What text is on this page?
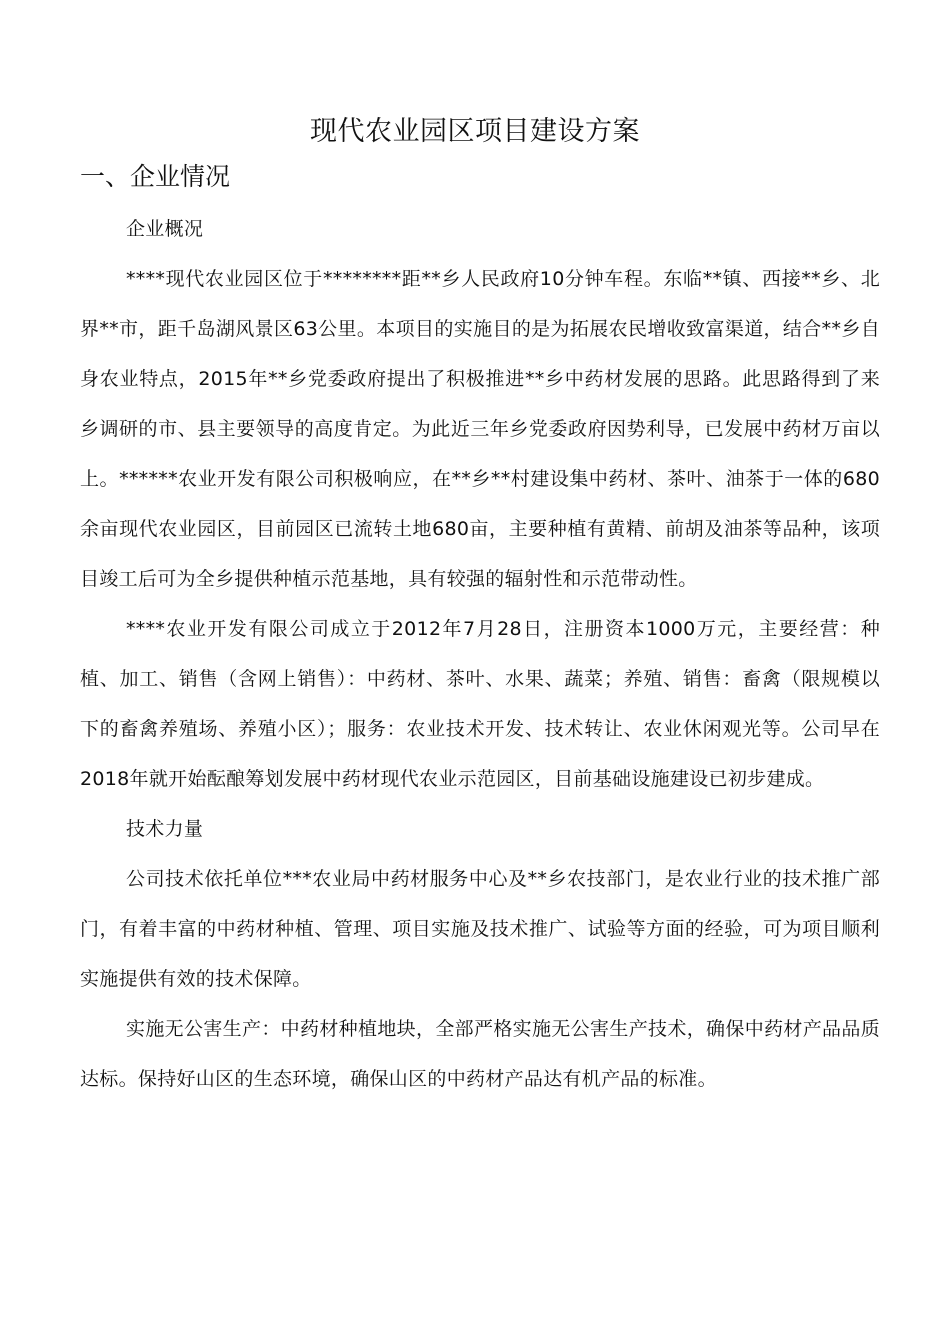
现代农业园区项目建设方案
一、企业情况

企业概况

****现代农业园区位于********距**乡人民政府10分钟车程。东临**镇、西接**乡、北界**市，距千岛湖风景区63公里。本项目的实施目的是为拓展农民增收致富渠道，结合**乡自身农业特点，2015年**乡党委政府提出了积极推进**乡中药材发展的思路。此思路得到了来乡调研的市、县主要领导的高度肯定。为此近三年乡党委政府因势利导，已发展中药材万亩以上。******农业开发有限公司积极响应，在**乡**村建设集中药材、茶叶、油茶于一体的680余亩现代农业园区，目前园区已流转土地680亩，主要种植有黄精、前胡及油茶等品种，该项目竣工后可为全乡提供种植示范基地，具有较强的辐射性和示范带动性。

****农业开发有限公司成立于2012年7月28日，注册资本1000万元，主要经营：种植、加工、销售（含网上销售）：中药材、茶叶、水果、蔬菜；养殖、销售：畜禽（限规模以下的畜禽养殖场、养殖小区）；服务：农业技术开发、技术转让、农业休闲观光等。公司早在2018年就开始酝酿筹划发展中药材现代农业示范园区，目前基础设施建设已初步建成。

技术力量

公司技术依托单位***农业局中药材服务中心及**乡农技部门，是农业行业的技术推广部门，有着丰富的中药材种植、管理、项目实施及技术推广、试验等方面的经验，可为项目顺利实施提供有效的技术保障。

实施无公害生产：中药材种植地块，全部严格实施无公害生产技术，确保中药材产品品质达标。保持好山区的生态环境，确保山区的中药材产品达有机产品的标准。
